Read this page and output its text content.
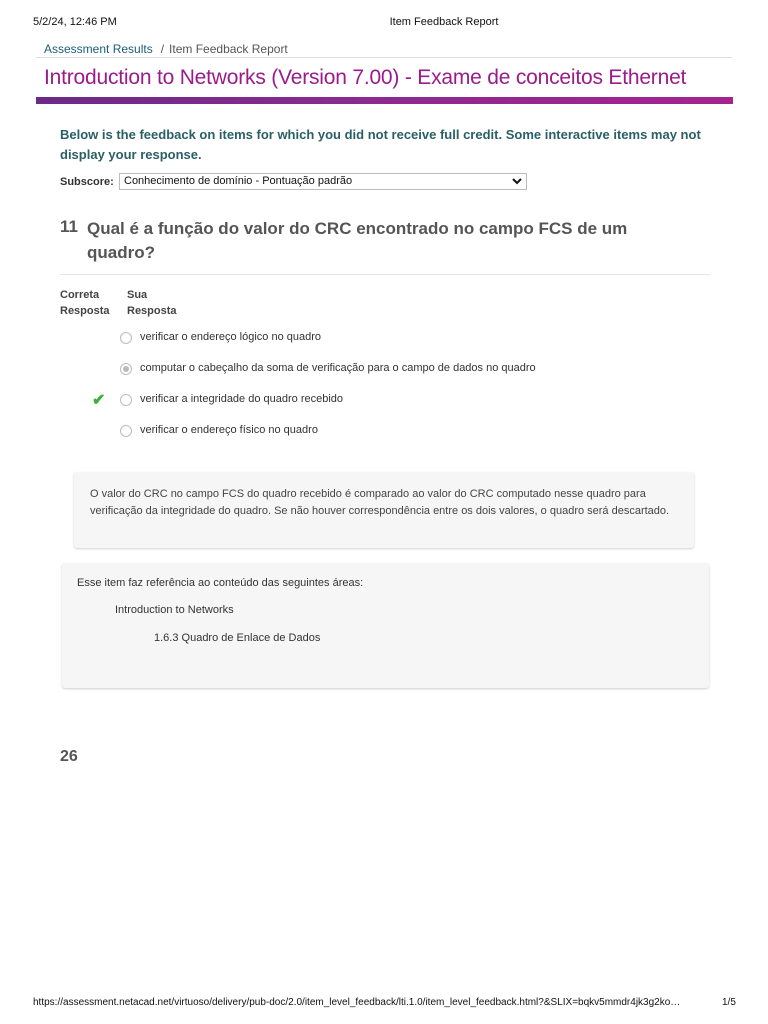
5/2/24, 12:46 PM	Item Feedback Report
Assessment Results / Item Feedback Report
Introduction to Networks (Version 7.00) - Exame de conceitos Ethernet
Below is the feedback on items for which you did not receive full credit. Some interactive items may not display your response.
Subscore: Conhecimento de domínio - Pontuação padrão
11 Qual é a função do valor do CRC encontrado no campo FCS de um quadro?
Correta Resposta
Sua Resposta
✔
verificar o endereço lógico no quadro
computar o cabeçalho da soma de verificação para o campo de dados no quadro
verificar a integridade do quadro recebido
verificar o endereço físico no quadro
O valor do CRC no campo FCS do quadro recebido é comparado ao valor do CRC computado nesse quadro para verificação da integridade do quadro. Se não houver correspondência entre os dois valores, o quadro será descartado.
Esse item faz referência ao conteúdo das seguintes áreas:
Introduction to Networks
1.6.3 Quadro de Enlace de Dados
26
https://assessment.netacad.net/virtuoso/delivery/pub-doc/2.0/item_level_feedback/lti.1.0/item_level_feedback.html?&SLIX=bqkv5mmdr4jk3g2ko…	1/5
